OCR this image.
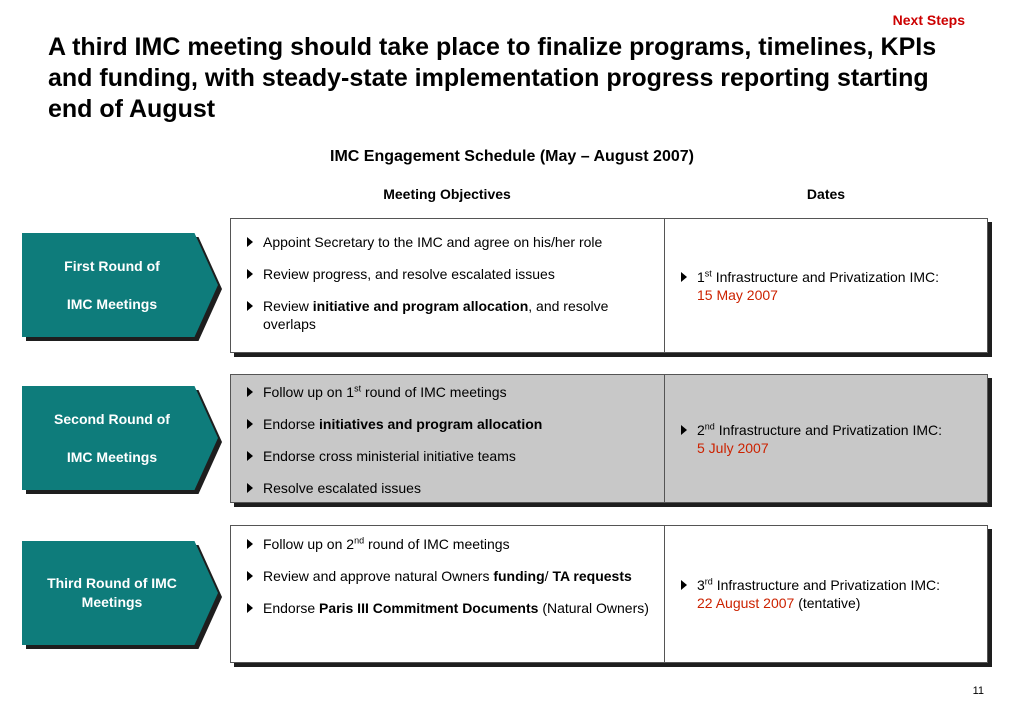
Next Steps
A third IMC meeting should take place to finalize programs, timelines, KPIs and funding, with steady-state implementation progress reporting starting end of August
IMC Engagement Schedule (May – August 2007)
Meeting Objectives	Dates
First Round of
IMC Meetings
Appoint Secretary to the IMC and agree on his/her role
Review progress, and resolve escalated issues
Review initiative and program allocation, and resolve overlaps
1st Infrastructure and Privatization IMC:
15 May 2007
Second Round of
IMC Meetings
Follow up on 1st round of IMC meetings
Endorse initiatives and program allocation
Endorse cross ministerial initiative teams
Resolve escalated issues
2nd Infrastructure and Privatization IMC:
5 July 2007
Third Round of IMC
Meetings
Follow up on 2nd round of IMC meetings
Review and approve natural Owners funding/ TA requests
Endorse Paris III Commitment Documents (Natural Owners)
3rd Infrastructure and Privatization IMC:
22 August 2007 (tentative)
11
